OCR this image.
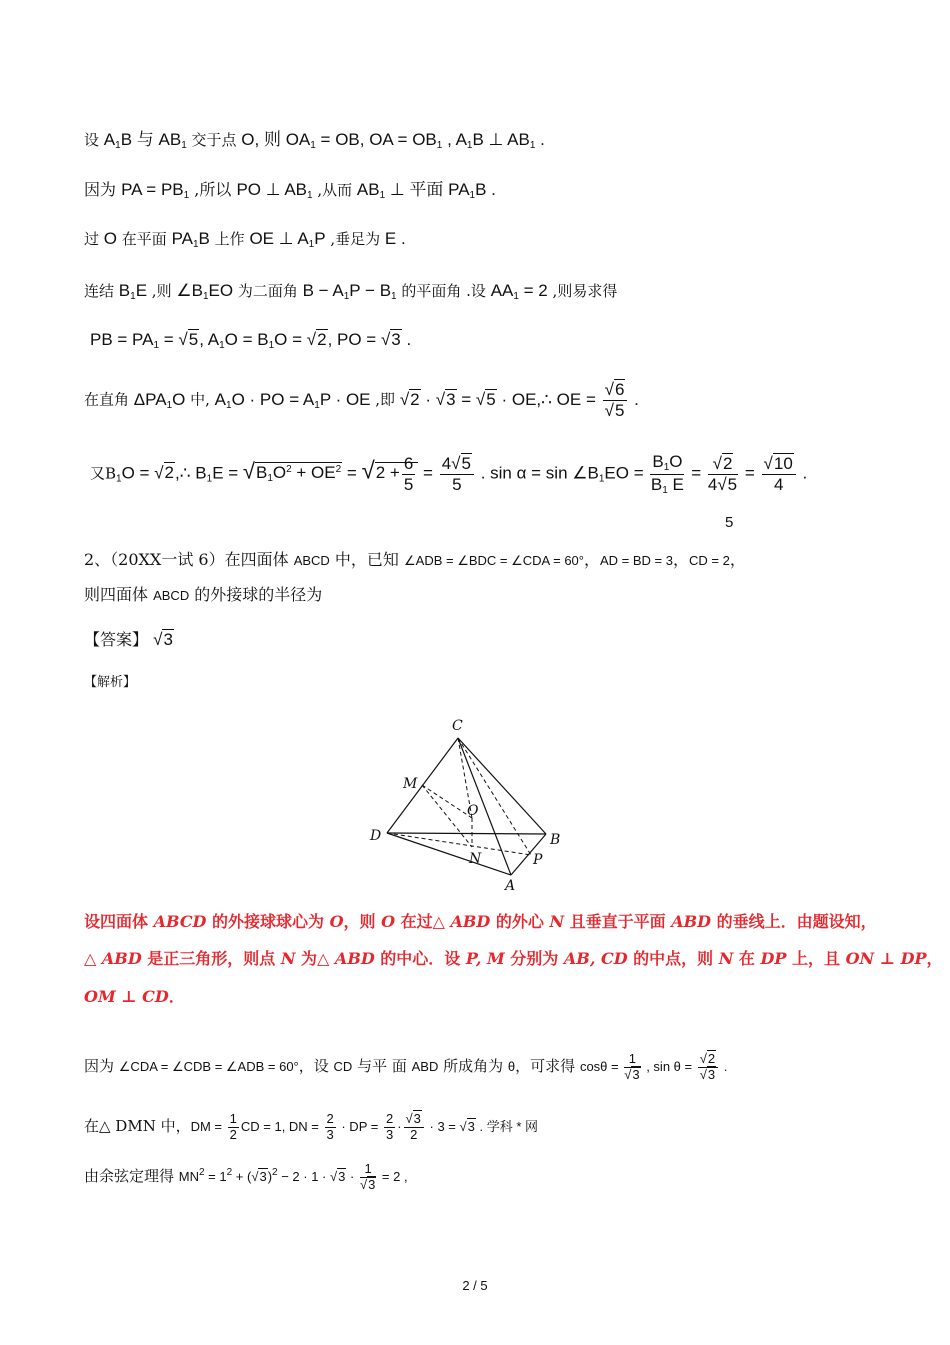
设 $A_1B$ 与 $AB_1$ 交于点 O, 则 $OA_1$ = OB, OA = $OB_1$ , $A_1B$ ⊥ $AB_1$ .
因为 PA = $PB_1$ ,所以 PO ⊥ $AB_1$ ,从而 $AB_1$ ⊥ 平面 $PA_1B$ .
过 O 在平面 $PA_1B$ 上作 OE ⊥ $A_1P$ ,垂足为 E .
连结 $B_1E$ ,则 $\angle B_1EO$ 为二面角 $B - A_1P - B_1$ 的平面角 .设 $AA_1 = 2$ ,则易求得
PB = $PA_1 = √5$, $A_1O = B_1O = √2$, PO = √3 .
在直角 $\Delta PA_1O$ 中, $A_1O$ · PO = $A_1P$ · OE ,即 √2 · √3 = √5 · OE,∴ OE = $\frac{√6}{√5}$ .
又$B_1O$ = √2,∴ $B_1E = √B_1O^2 + OE^2 = √2 + \frac{6}{5} = \frac{4√5}{5}$ . $\sin \alpha = \sin \angle B_1EO = \frac{B_1O}{B_1 E} = \frac{√2}{4√5} = \frac{√10}{4}$ .
5
2、（20XX一试 6）在四面体 ABCD 中，已知 ∠ADB = ∠BDC = ∠CDA = 60°，AD = BD = 3，CD = 2，
则四面体 ABCD 的外接球的半径为
【答案】 √3
【解析】
C
M
O
D	B
N	P
A
设四面体 ABCD 的外接球球心为 O，则 O 在过△ ABD 的外心 N 且垂直于平面 ABD 的垂线上．由题设知，
△ ABD 是正三角形，则点 N 为△ ABD 的中心．设 P, M 分别为 AB, CD 的中点，则 N 在 DP 上，且 ON ⊥ DP，
OM ⊥ CD．
因为 ∠CDA = ∠CDB = ∠ADB = 60°，设 CD 与平 面 ABD 所成角为 θ，可求得 $\cos\theta = \frac{1}{√3}$ , $\sin \theta = \frac{√2}{√3}$ .
在△ DMN 中，DM = $\frac{1}{2}$ CD = 1, DN = $\frac{2}{3}$ · DP = $\frac{2}{3} \cdot \frac{√3}{2} \cdot 3 = √3$ . 学科 * 网
由余弦定理得 $MN^2 = 1^2 + (√3)^2 - 2 \cdot 1 \cdot √3 \cdot \frac{1}{√3} = 2$ ,
2 / 5
